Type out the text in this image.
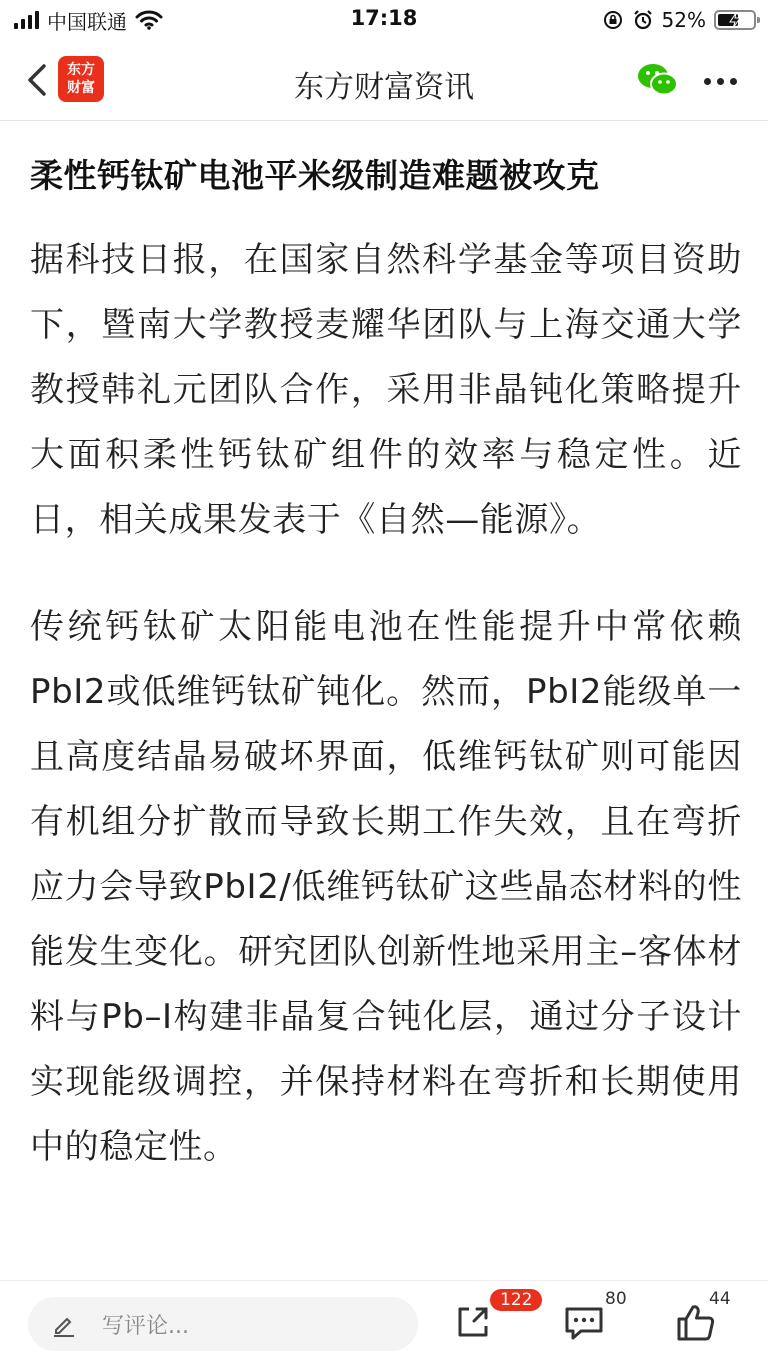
中国联通	17:18	52%
东方
财富	东方财富资讯
柔性钙钛矿电池平米级制造难题被攻克

据科技日报，在国家自然科学基金等项目资助下，暨南大学教授麦耀华团队与上海交通大学教授韩礼元团队合作，采用非晶钝化策略提升大面积柔性钙钛矿组件的效率与稳定性。近日，相关成果发表于《自然—能源》。

传统钙钛矿太阳能电池在性能提升中常依赖PbI2或低维钙钛矿钝化。然而，PbI2能级单一且高度结晶易破坏界面，低维钙钛矿则可能因有机组分扩散而导致长期工作失效，且在弯折应力会导致PbI2/低维钙钛矿这些晶态材料的性能发生变化。研究团队创新性地采用主–客体材料与Pb–I构建非晶复合钝化层，通过分子设计实现能级调控，并保持材料在弯折和长期使用中的稳定性。

写评论...
122	80	44
